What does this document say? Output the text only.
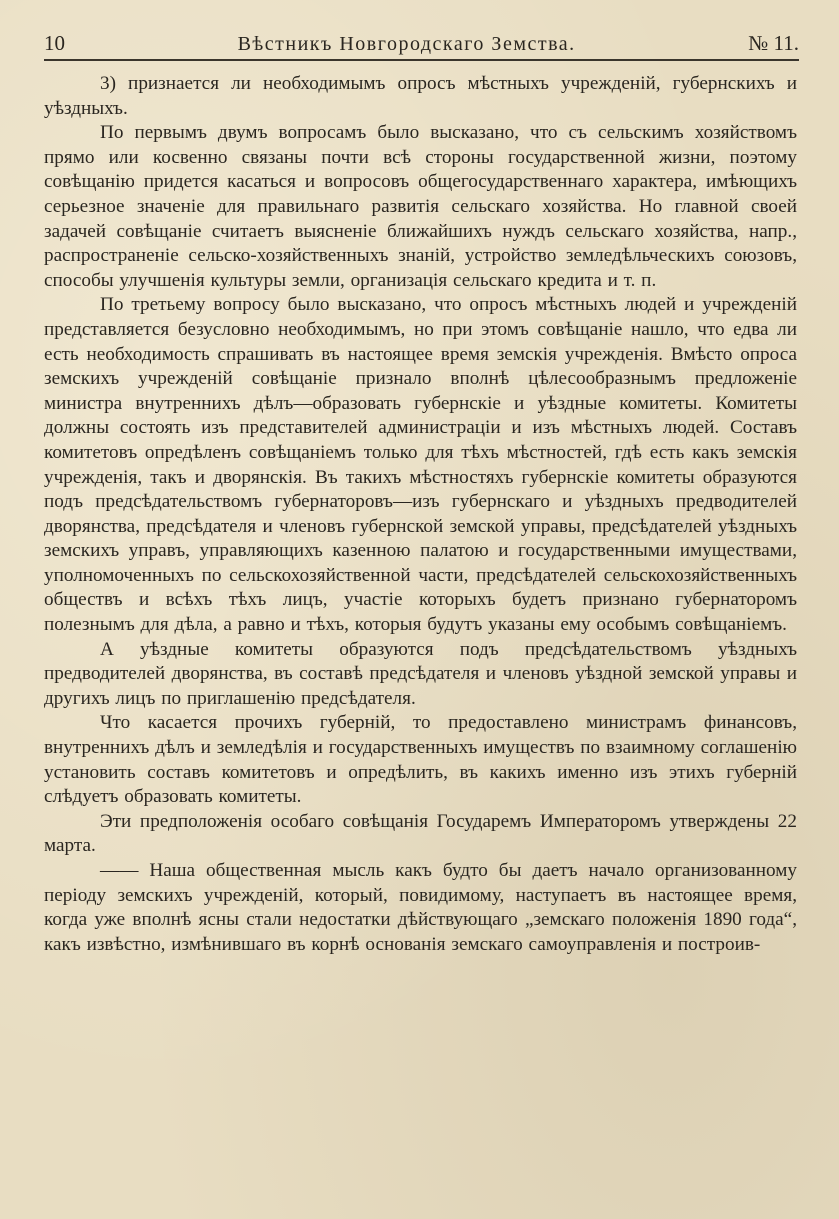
10	Вѣстникъ Новгородскаго Земства.	№ 11.

3) признается ли необходимымъ опросъ мѣстныхъ учрежденій, губернскихъ и уѣздныхъ.

По первымъ двумъ вопросамъ было высказано, что съ сельскимъ хозяйствомъ прямо или косвенно связаны почти всѣ стороны государственной жизни, поэтому совѣщанію придется касаться и вопросовъ общегосударственнаго характера, имѣющихъ серьезное значеніе для правильнаго развитія сельскаго хозяйства. Но главной своей задачей совѣщаніе считаетъ выясненіе ближайшихъ нуждъ сельскаго хозяйства, напр., распространеніе сельско-хозяйственныхъ знаній, устройство земледѣльческихъ союзовъ, способы улучшенія культуры земли, организація сельскаго кредита и т. п.

По третьему вопросу было высказано, что опросъ мѣстныхъ людей и учрежденій представляется безусловно необходимымъ, но при этомъ совѣщаніе нашло, что едва ли есть необходимость спрашивать въ настоящее время земскія учрежденія. Вмѣсто опроса земскихъ учрежденій совѣщаніе признало вполнѣ цѣлесообразнымъ предложеніе министра внутреннихъ дѣлъ—образовать губернскіе и уѣздные комитеты. Комитеты должны состоять изъ представителей администраціи и изъ мѣстныхъ людей. Составъ комитетовъ опредѣленъ совѣщаніемъ только для тѣхъ мѣстностей, гдѣ есть какъ земскія учрежденія, такъ и дворянскія. Въ такихъ мѣстностяхъ губернскіе комитеты образуются подъ предсѣдательствомъ губернаторовъ—изъ губернскаго и уѣздныхъ предводителей дворянства, предсѣдателя и членовъ губернской земской управы, предсѣдателей уѣздныхъ земскихъ управъ, управляющихъ казенною палатою и государственными имуществами, уполномоченныхъ по сельскохозяйственной части, предсѣдателей сельскохозяйственныхъ обществъ и всѣхъ тѣхъ лицъ, участіе которыхъ будетъ признано губернаторомъ полезнымъ для дѣла, а равно и тѣхъ, которыя будутъ указаны ему особымъ совѣщаніемъ.

А уѣздные комитеты образуются подъ предсѣдательствомъ уѣздныхъ предводителей дворянства, въ составѣ предсѣдателя и членовъ уѣздной земской управы и другихъ лицъ по приглашенію предсѣдателя.

Что касается прочихъ губерній, то предоставлено министрамъ финансовъ, внутреннихъ дѣлъ и земледѣлія и государственныхъ имуществъ по взаимному соглашенію установить составъ комитетовъ и опредѣлить, въ какихъ именно изъ этихъ губерній слѣдуетъ образовать комитеты.

Эти предположенія особаго совѣщанія Государемъ Императоромъ утверждены 22 марта.

—— Наша общественная мысль какъ будто бы даетъ начало организованному періоду земскихъ учрежденій, который, повидимому, наступаетъ въ настоящее время, когда уже вполнѣ ясны стали недостатки дѣйствующаго „земскаго положенія 1890 года“, какъ извѣстно, измѣнившаго въ корнѣ основанія земскаго самоуправленія и построив-
